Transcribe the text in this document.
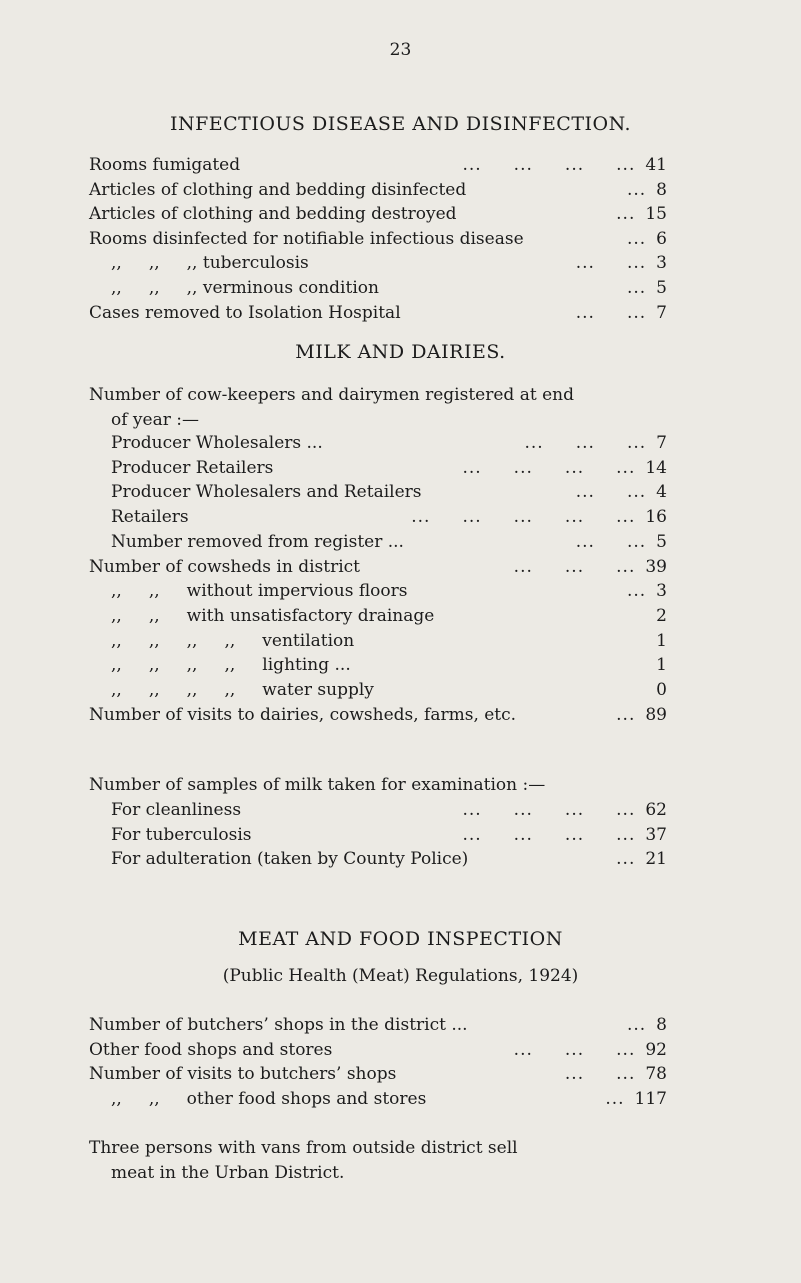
23
INFECTIOUS DISEASE AND DISINFECTION.
Rooms fumigated	...     ...     ...     ... 41
Articles of clothing and bedding disinfected	... 8
Articles of clothing and bedding destroyed	... 15
Rooms disinfected for notifiable infectious disease	... 6
,,     ,,     ,, tuberculosis	...     ... 3
,,     ,,     ,, verminous condition	... 5
Cases removed to Isolation Hospital	...     ... 7
MILK AND DAIRIES.
Number of cow-keepers and dairymen registered at end
of year :—
Producer Wholesalers ...	...     ...     ... 7
Producer Retailers	...     ...     ...     ... 14
Producer Wholesalers and Retailers	...     ... 4
Retailers	...     ...     ...     ...     ... 16
Number removed from register ...	...     ... 5
Number of cowsheds in district	...     ...     ... 39
,,     ,,     without impervious floors	... 3
,,     ,,     with unsatisfactory drainage	2
,,     ,,     ,,     ,,     ventilation	1
,,     ,,     ,,     ,,     lighting ...	1
,,     ,,     ,,     ,,     water supply	0
Number of visits to dairies, cowsheds, farms, etc.	... 89
Number of samples of milk taken for examination :—
For cleanliness	...     ...     ...     ... 62
For tuberculosis	...     ...     ...     ... 37
For adulteration (taken by County Police)	... 21
MEAT AND FOOD INSPECTION
(Public Health (Meat) Regulations, 1924)
Number of butchers’ shops in the district ...	... 8
Other food shops and stores	...     ...     ... 92
Number of visits to butchers’ shops	...     ... 78
,,     ,,     other food shops and stores	... 117
Three persons with vans from outside district sell
meat in the Urban District.
